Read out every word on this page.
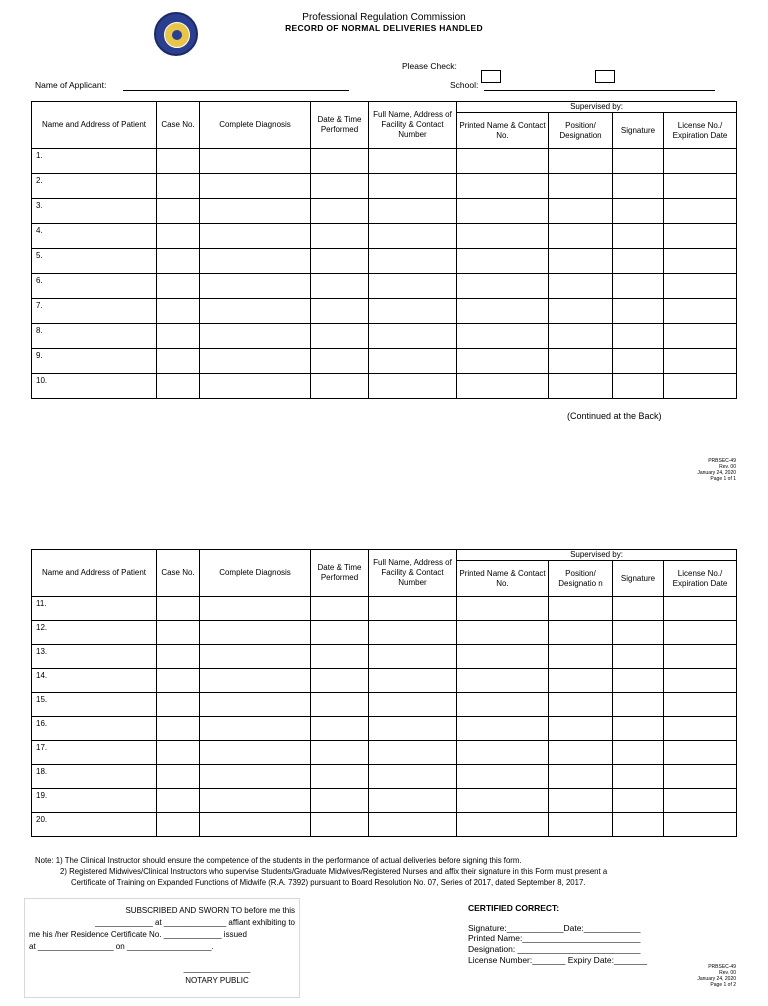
Professional Regulation Commission
RECORD OF NORMAL DELIVERIES HANDLED
Please Check:
Name of Applicant:	School:
Name and Address of Patient	Case No.	Complete Diagnosis	Date & Time Performed	Full Name, Address of Facility & Contact Number	Supervised by:			
					Printed Name & Contact No.	Position/ Designation	Signature	License No./ Expiration Date
1.								
2.								
3.								
4.								
5.								
6.								
7.								
8.								
9.								
10.								
(Continued at the Back)
PRBSEC-49
Rev. 00
January 24, 2020
Page 1 of 1
Name and Address of Patient	Case No.	Complete Diagnosis	Date & Time Performed	Full Name, Address of Facility & Contact Number	Supervised by:			
					Printed Name & Contact No.	Position/ Designatio n	Signature	License No./ Expiration Date
11.								
12.								
13.								
14.								
15.								
16.								
17.								
18.								
19.								
20.								
Note: 1) The Clinical Instructor should ensure the competence of the students in the performance of actual deliveries before signing this form.
2) Registered Midwives/Clinical Instructors who supervise Students/Graduate Midwives/Registered Nurses and affix their signature in this Form must present a
Certificate of Training on Expanded Functions of Midwife (R.A. 7392) pursuant to Board Resolution No. 07, Series of 2017, dated September 8, 2017.
SUBSCRIBED AND SWORN TO before me this
_____________ at ______________ affiant exhibiting to
me his /her Residence Certificate No. _____________ issued
at _________________ on ___________________.
_______________
NOTARY PUBLIC
CERTIFIED CORRECT:
Signature:____________Date:____________
Printed Name:_________________________
Designation: __________________________
License Number:_______ Expiry Date:_______
PRBSEC-49
Rev. 00
January 24, 2020
Page 1 of 2
